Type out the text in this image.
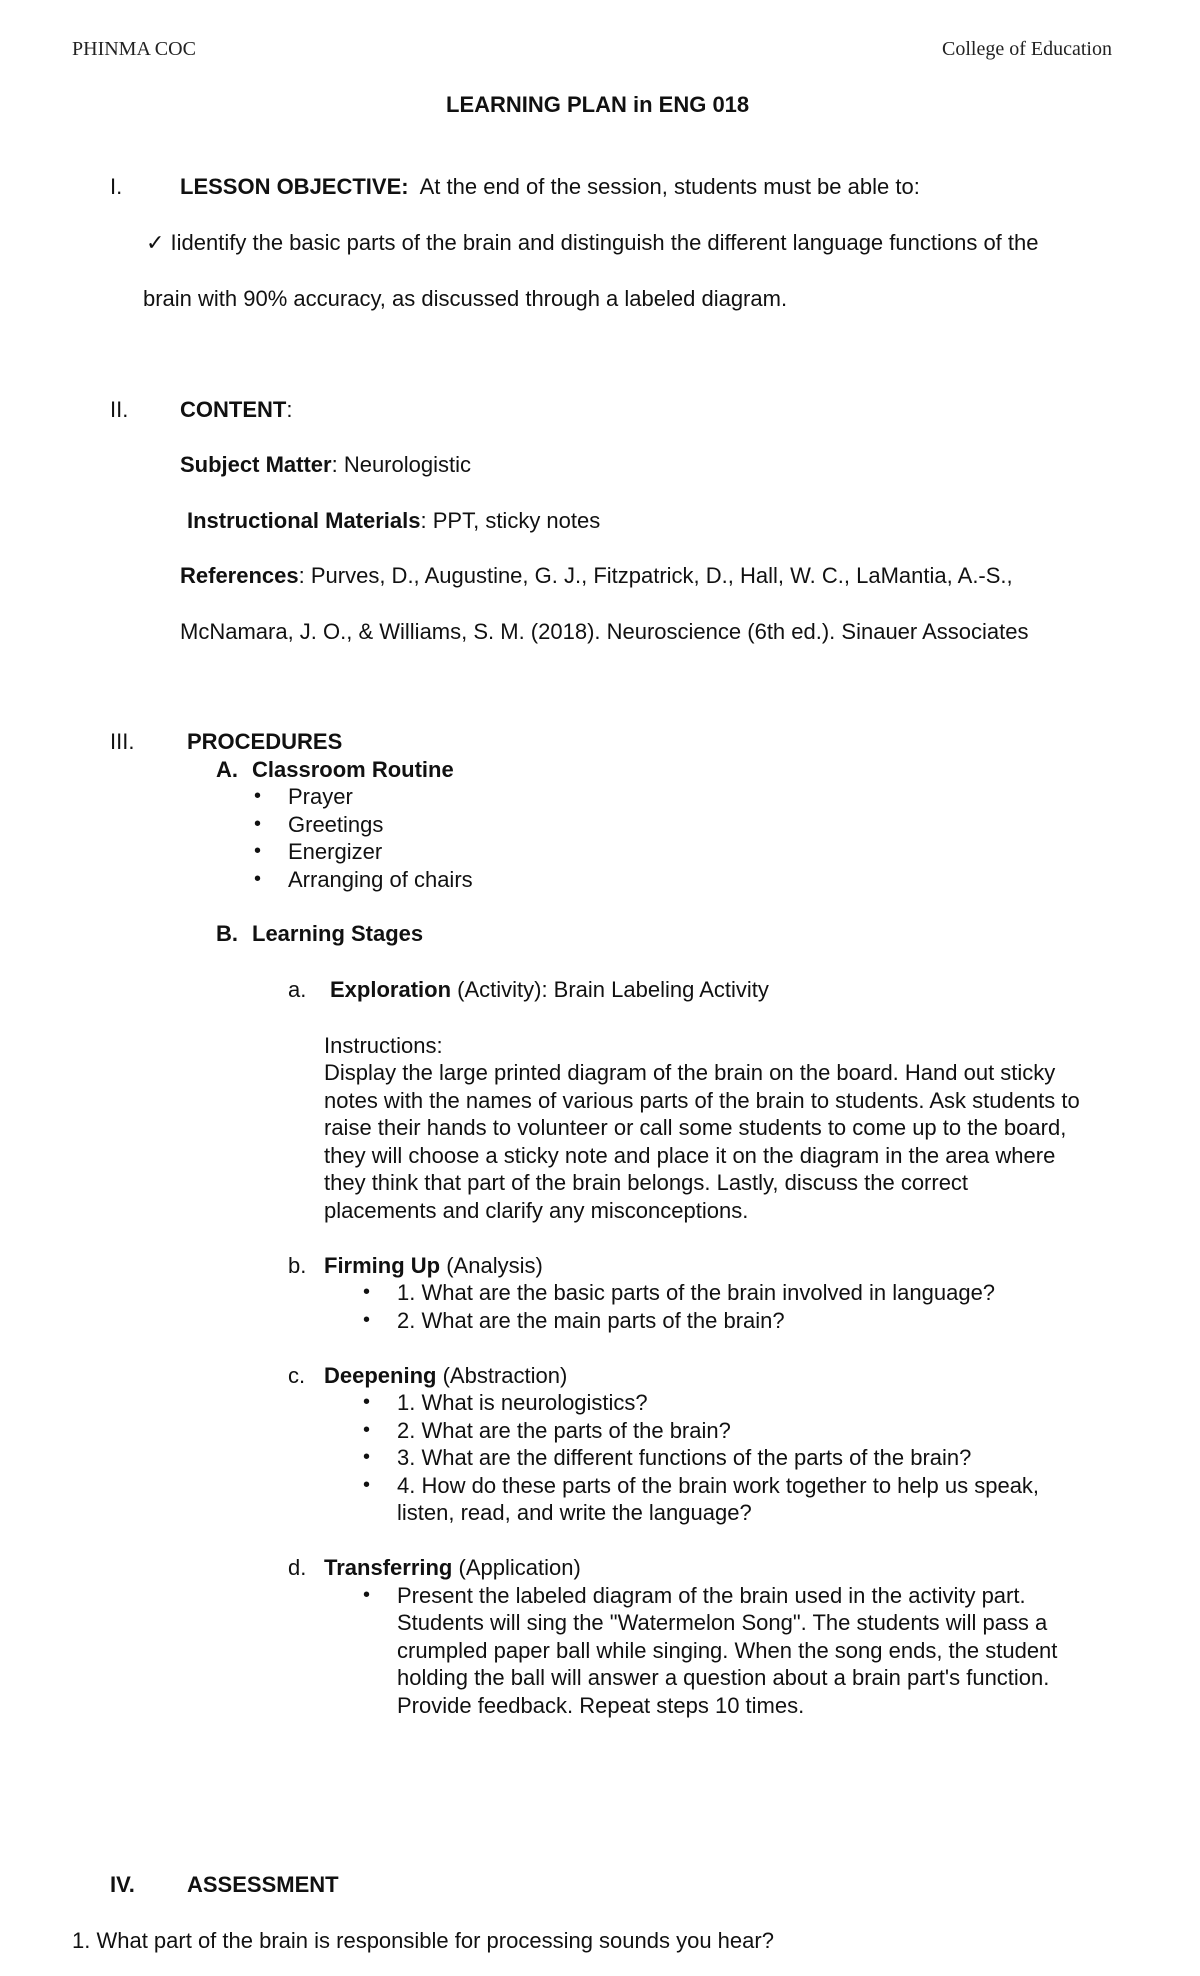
PHINMA COC	College of Education
LEARNING PLAN in ENG 018
I.	LESSON OBJECTIVE: At the end of the session, students must be able to:
✓ Iidentify the basic parts of the brain and distinguish the different language functions of the
brain with 90% accuracy, as discussed through a labeled diagram.
II. CONTENT:
Subject Matter: Neurologistic
Instructional Materials: PPT, sticky notes
References: Purves, D., Augustine, G. J., Fitzpatrick, D., Hall, W. C., LaMantia, A.-S.,
McNamara, J. O., & Williams, S. M. (2018). Neuroscience (6th ed.). Sinauer Associates
III. PROCEDURES
A. Classroom Routine
• Prayer
• Greetings
• Energizer
• Arranging of chairs
B. Learning Stages
a. Exploration (Activity): Brain Labeling Activity
Instructions:
Display the large printed diagram of the brain on the board. Hand out sticky
notes with the names of various parts of the brain to students. Ask students to
raise their hands to volunteer or call some students to come up to the board,
they will choose a sticky note and place it on the diagram in the area where
they think that part of the brain belongs. Lastly, discuss the correct
placements and clarify any misconceptions.
b. Firming Up (Analysis)
• 1. What are the basic parts of the brain involved in language?
• 2. What are the main parts of the brain?
c. Deepening (Abstraction)
• 1. What is neurologistics?
• 2. What are the parts of the brain?
• 3. What are the different functions of the parts of the brain?
• 4. How do these parts of the brain work together to help us speak,
listen, read, and write the language?
d. Transferring (Application)
• Present the labeled diagram of the brain used in the activity part.
Students will sing the "Watermelon Song". The students will pass a
crumpled paper ball while singing. When the song ends, the student
holding the ball will answer a question about a brain part's function.
Provide feedback. Repeat steps 10 times.
IV. ASSESSMENT
1. What part of the brain is responsible for processing sounds you hear?
